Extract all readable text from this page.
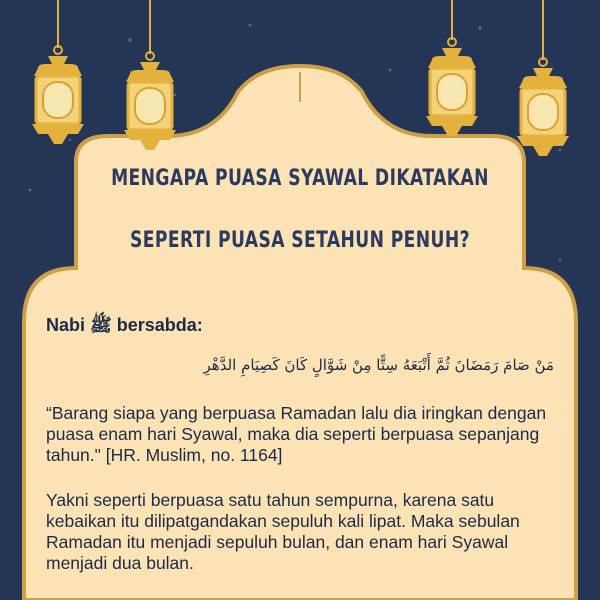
MENGAPA PUASA SYAWAL DIKATAKAN
SEPERTI PUASA SETAHUN PENUH?
Nabi ﷺ bersabda:
مَنْ صَامَ رَمَضَانَ ثُمَّ أَتْبَعَهُ سِتًّا مِنْ شَوَّالٍ كَانَ كَصِيَامِ الدَّهْرِ
“Barang siapa yang berpuasa Ramadan lalu dia iringkan dengan puasa enam hari Syawal, maka dia seperti berpuasa sepanjang tahun." [HR. Muslim, no. 1164]
Yakni seperti berpuasa satu tahun sempurna, karena satu kebaikan itu dilipatgandakan sepuluh kali lipat. Maka sebulan Ramadan itu menjadi sepuluh bulan, dan enam hari Syawal menjadi dua bulan.
